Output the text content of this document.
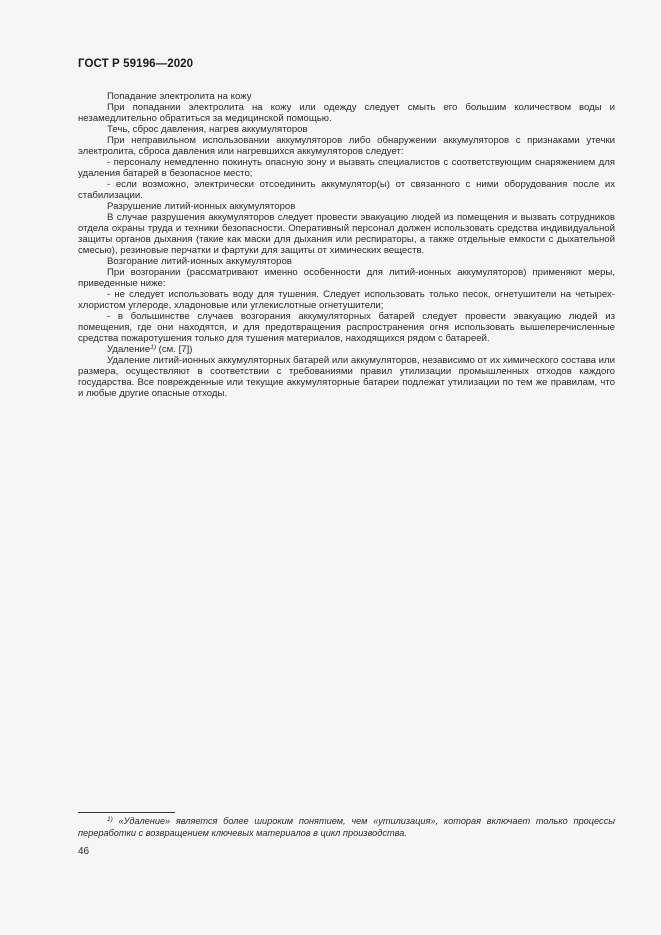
ГОСТ Р 59196—2020

Попадание электролита на кожу

При попадании электролита на кожу или одежду следует смыть его большим количеством воды и незамедлительно обратиться за медицинской помощью.

Течь, сброс давления, нагрев аккумуляторов

При неправильном использовании аккумуляторов либо обнаружении аккумуляторов с признаками утечки электролита, сброса давления или нагревшихся аккумуляторов следует:

- персоналу немедленно покинуть опасную зону и вызвать специалистов с соответствующим снаряжением для удаления батарей в безопасное место;

- если возможно, электрически отсоединить аккумулятор(ы) от связанного с ними оборудования после их стабилизации.

Разрушение литий-ионных аккумуляторов

В случае разрушения аккумуляторов следует провести эвакуацию людей из помещения и вызвать сотрудников отдела охраны труда и техники безопасности. Оперативный персонал должен использовать средства индивидуальной защиты органов дыхания (такие как маски для дыхания или респираторы, а также отдельные емкости с дыхательной смесью), резиновые перчатки и фартуки для защиты от химических веществ.

Возгорание литий-ионных аккумуляторов

При возгорании (рассматривают именно особенности для литий-ионных аккумуляторов) применяют меры, приведенные ниже:

- не следует использовать воду для тушения. Следует использовать только песок, огнетушители на четырех-хлористом углероде, хладоновые или углекислотные огнетушители;

- в большинстве случаев возгорания аккумуляторных батарей следует провести эвакуацию людей из помещения, где они находятся, и для предотвращения распространения огня использовать вышеперечисленные средства пожаротушения только для тушения материалов, находящихся рядом с батареей.

Удаление$^{1)}$ (см. [7])

Удаление литий-ионных аккумуляторных батарей или аккумуляторов, независимо от их химического состава или размера, осуществляют в соответствии с требованиями правил утилизации промышленных отходов каждого государства. Все поврежденные или текущие аккумуляторные батареи подлежат утилизации по тем же правилам, что и любые другие опасные отходы.

$^{1)}$ «Удаление» является более широким понятием, чем «утилизация», которая включает только процессы переработки с возвращением ключевых материалов в цикл производства.

46
